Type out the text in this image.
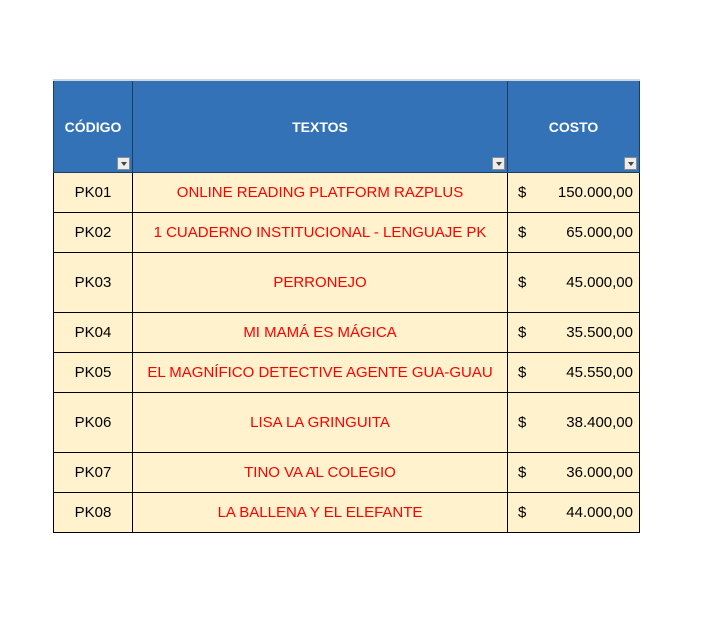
CÓDIGO	TEXTOS	COSTO

PK01	ONLINE READING PLATFORM RAZPLUS	$ 150.000,00

PK02	1 CUADERNO INSTITUCIONAL - LENGUAJE PK	$ 65.000,00

PK03	PERRONEJO	$ 45.000,00

PK04	MI MAMÁ ES MÁGICA	$ 35.500,00

PK05	EL MAGNÍFICO DETECTIVE AGENTE GUA-GUAU	$ 45.550,00

PK06	LISA LA GRINGUITA	$ 38.400,00

PK07	TINO VA AL COLEGIO	$ 36.000,00

PK08	LA BALLENA Y EL ELEFANTE	$ 44.000,00
